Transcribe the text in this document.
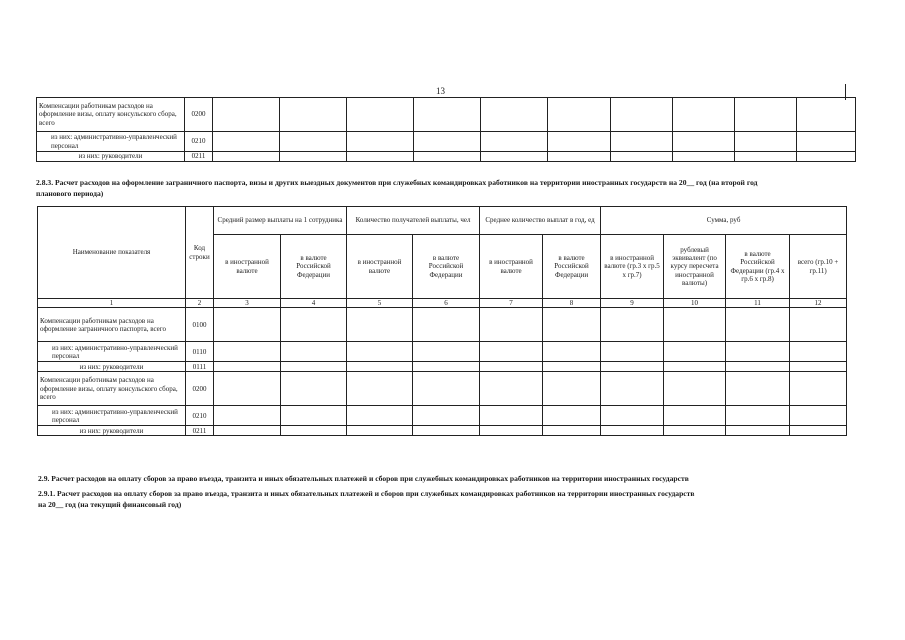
13
Компенсации работникам расходов на оформление визы, оплату консульского сбора, всего	0200										
из них: административно-управленческий персонал	0210										
из них: руководители	0211										
2.8.3. Расчет расходов на оформление заграничного паспорта, визы и других выездных документов при служебных командировках работников на территории иностранных государств на 20__ год (на второй год
планового периода)
Наименование показателя	Код строки	Средний размер выплаты на 1 сотрудника		Количество получателей выплаты, чел		Среднее количество выплат в год, ед		Сумма, руб			
		в иностранной валюте	в валюте Российской Федерации	в иностранной валюте	в валюте Российской Федерации	в иностранной валюте	в валюте Российской Федерации	в иностранной валюте (гр.3 х гр.5 х гр.7)	рублевый эквивалент (по курсу пересчета иностранной валюты)	в валюте Российской Федерации (гр.4 х гр.6 х гр.8)	всего (гр.10 + гр.11)
1	2	3	4	5	6	7	8	9	10	11	12
Компенсации работникам расходов на оформление заграничного паспорта, всего	0100										
из них: административно-управленческий персонал	0110										
из них: руководители	0111										
Компенсации работникам расходов на оформление визы, оплату консульского сбора, всего	0200										
из них: административно-управленческий персонал	0210										
из них: руководители	0211										
2.9. Расчет расходов на оплату сборов за право въезда, транзита и иных обязательных платежей и сборов при служебных командировках работников на территории иностранных государств
2.9.1. Расчет расходов на оплату сборов за право въезда, транзита и иных обязательных платежей и сборов при служебных командировках работников на территории иностранных государств
на 20__ год (на текущий финансовый год)
